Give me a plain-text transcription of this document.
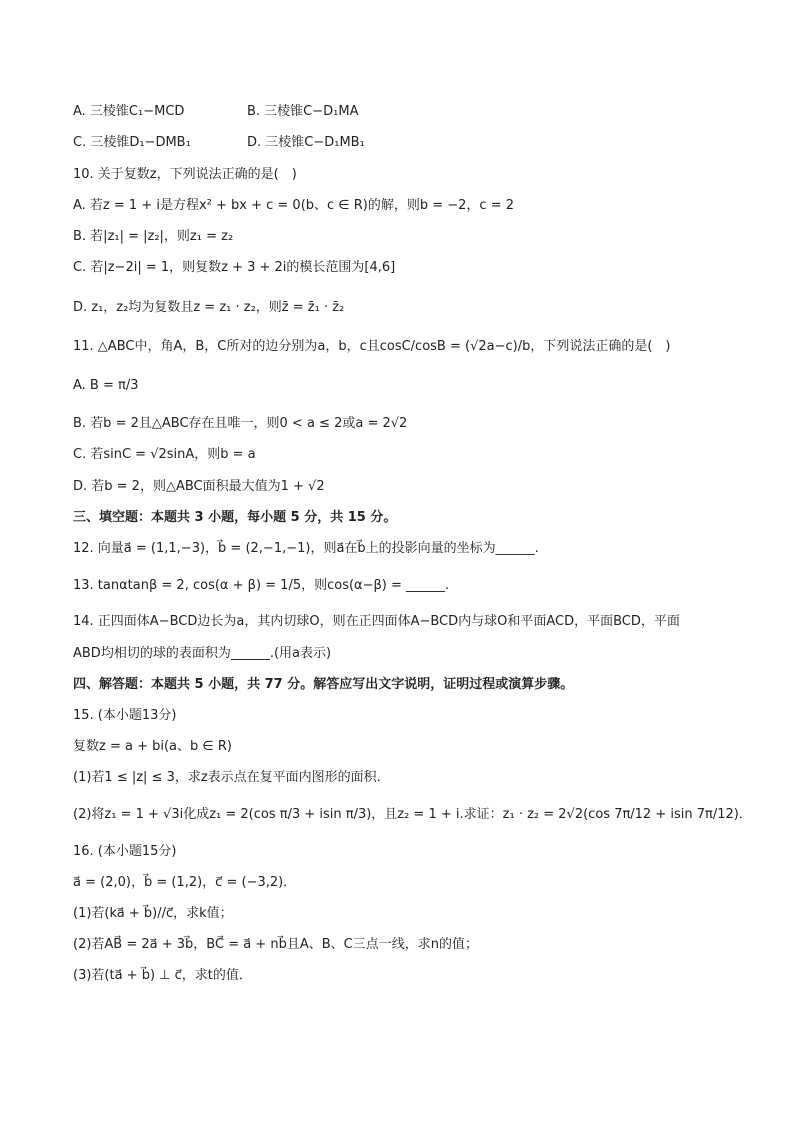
A. 三棱锥C₁−MCD	B. 三棱锥C−D₁MA
C. 三棱锥D₁−DMB₁	D. 三棱锥C−D₁MB₁
10. 关于复数z，下列说法正确的是(　)
A. 若z = 1 + i是方程x² + bx + c = 0(b、c ∈ R)的解，则b = −2，c = 2
B. 若|z₁| = |z₂|，则z₁ = z₂
C. 若|z−2i| = 1，则复数z + 3 + 2i的模长范围为[4,6]
D. z₁，z₂均为复数且z = z₁ · z₂，则z̄ = z̄₁ · z̄₂
11. △ABC中，角A，B，C所对的边分别为a，b，c且cosC/cosB = (√2a−c)/b，下列说法正确的是(　)
A. B = π/3
B. 若b = 2且△ABC存在且唯一，则0 < a ≤ 2或a = 2√2
C. 若sinC = √2sinA，则b = a
D. 若b = 2，则△ABC面积最大值为1 + √2
三、填空题：本题共 3 小题，每小题 5 分，共 15 分。
12. 向量a⃗ = (1,1,−3)，b⃗ = (2,−1,−1)，则a⃗在b⃗上的投影向量的坐标为______.
13. tanαtanβ = 2, cos(α + β) = 1/5，则cos(α−β) = ______.
14. 正四面体A−BCD边长为a，其内切球O，则在正四面体A−BCD内与球O和平面ACD，平面BCD，平面
ABD均相切的球的表面积为______.(用a表示)
四、解答题：本题共 5 小题，共 77 分。解答应写出文字说明，证明过程或演算步骤。
15. (本小题13分)
复数z = a + bi(a、b ∈ R)
(1)若1 ≤ |z| ≤ 3，求z表示点在复平面内图形的面积．
(2)将z₁ = 1 + √3i化成z₁ = 2(cos π/3 + isin π/3)，且z₂ = 1 + i.求证：z₁ · z₂ = 2√2(cos 7π/12 + isin 7π/12)．
16. (本小题15分)
a⃗ = (2,0)，b⃗ = (1,2)，c⃗ = (−3,2)．
(1)若(ka⃗ + b⃗)//c⃗，求k值；
(2)若AB⃗ = 2a⃗ + 3b⃗，BC⃗ = a⃗ + nb⃗且A、B、C三点一线，求n的值；
(3)若(ta⃗ + b⃗) ⊥ c⃗，求t的值．
